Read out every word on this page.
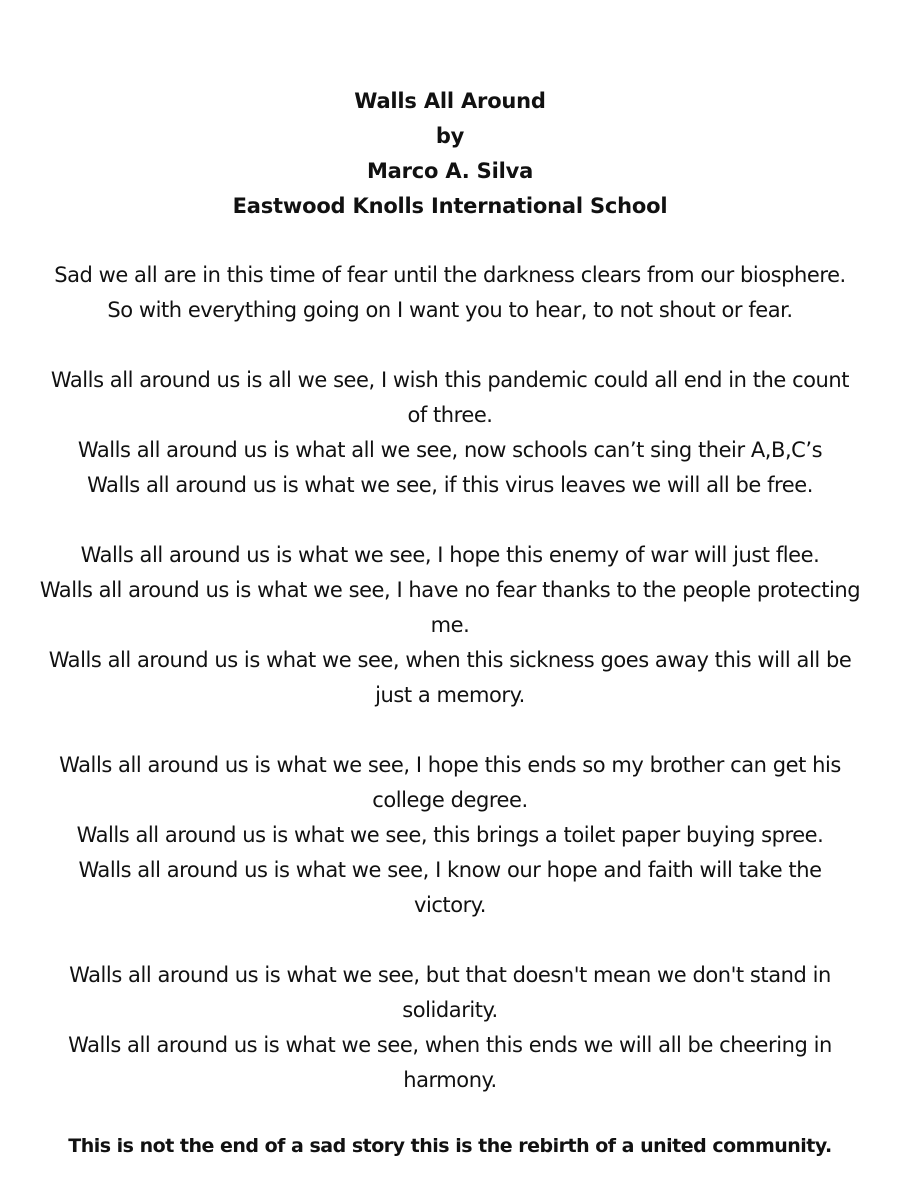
Walls All Around
by
Marco A. Silva
Eastwood Knolls International School
Sad we all are in this time of fear until the darkness clears from our biosphere.
So with everything going on I want you to hear, to not shout or fear.
Walls all around us is all we see, I wish this pandemic could all end in the count
of three.
Walls all around us is what all we see, now schools can’t sing their A,B,C’s
Walls all around us is what we see, if this virus leaves we will all be free.
Walls all around us is what we see, I hope this enemy of war will just flee.
Walls all around us is what we see, I have no fear thanks to the people protecting
me.
Walls all around us is what we see, when this sickness goes away this will all be
just a memory.
Walls all around us is what we see, I hope this ends so my brother can get his
college degree.
Walls all around us is what we see, this brings a toilet paper buying spree.
Walls all around us is what we see, I know our hope and faith will take the
victory.
Walls all around us is what we see, but that doesn't mean we don't stand in
solidarity.
Walls all around us is what we see, when this ends we will all be cheering in
harmony.
This is not the end of a sad story this is the rebirth of a united community.
